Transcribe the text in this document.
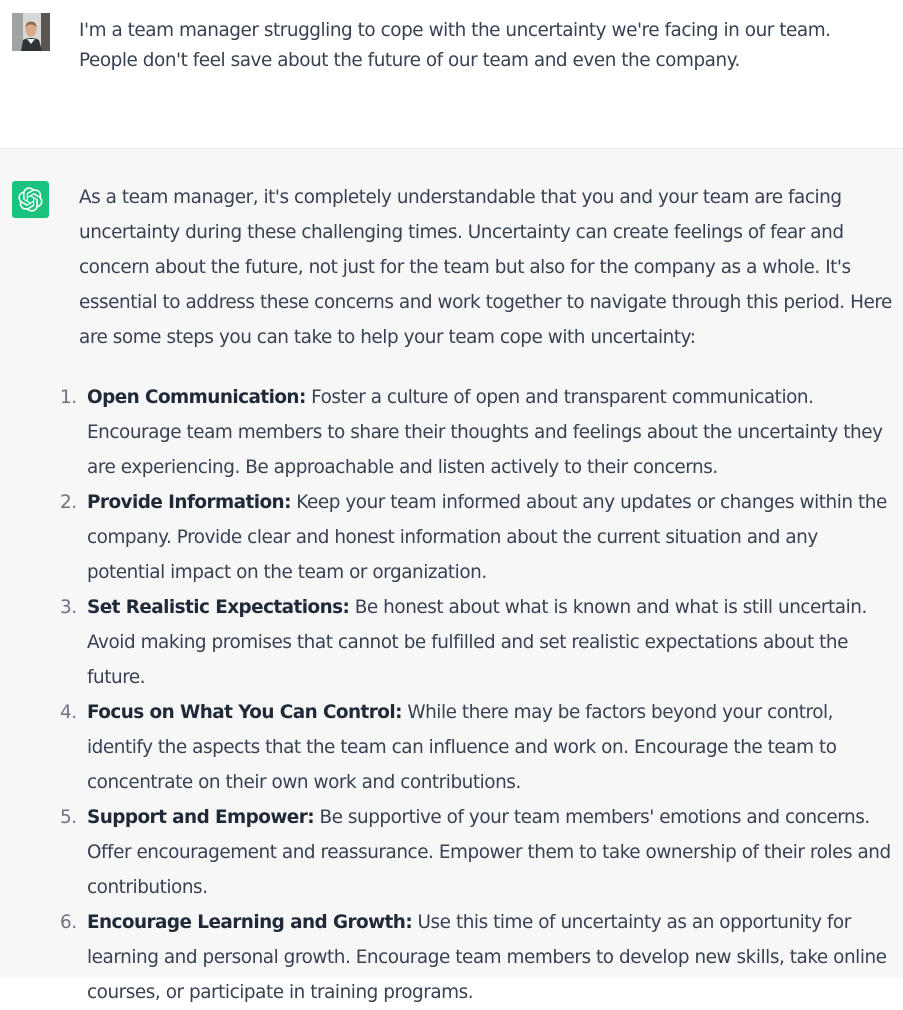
I'm a team manager struggling to cope with the uncertainty we're facing in our team. People don't feel save about the future of our team and even the company.

As a team manager, it's completely understandable that you and your team are facing uncertainty during these challenging times. Uncertainty can create feelings of fear and concern about the future, not just for the team but also for the company as a whole. It's essential to address these concerns and work together to navigate through this period. Here are some steps you can take to help your team cope with uncertainty:

1. Open Communication: Foster a culture of open and transparent communication. Encourage team members to share their thoughts and feelings about the uncertainty they are experiencing. Be approachable and listen actively to their concerns.
2. Provide Information: Keep your team informed about any updates or changes within the company. Provide clear and honest information about the current situation and any potential impact on the team or organization.
3. Set Realistic Expectations: Be honest about what is known and what is still uncertain. Avoid making promises that cannot be fulfilled and set realistic expectations about the future.
4. Focus on What You Can Control: While there may be factors beyond your control, identify the aspects that the team can influence and work on. Encourage the team to concentrate on their own work and contributions.
5. Support and Empower: Be supportive of your team members' emotions and concerns. Offer encouragement and reassurance. Empower them to take ownership of their roles and contributions.
6. Encourage Learning and Growth: Use this time of uncertainty as an opportunity for learning and personal growth. Encourage team members to develop new skills, take online courses, or participate in training programs.
